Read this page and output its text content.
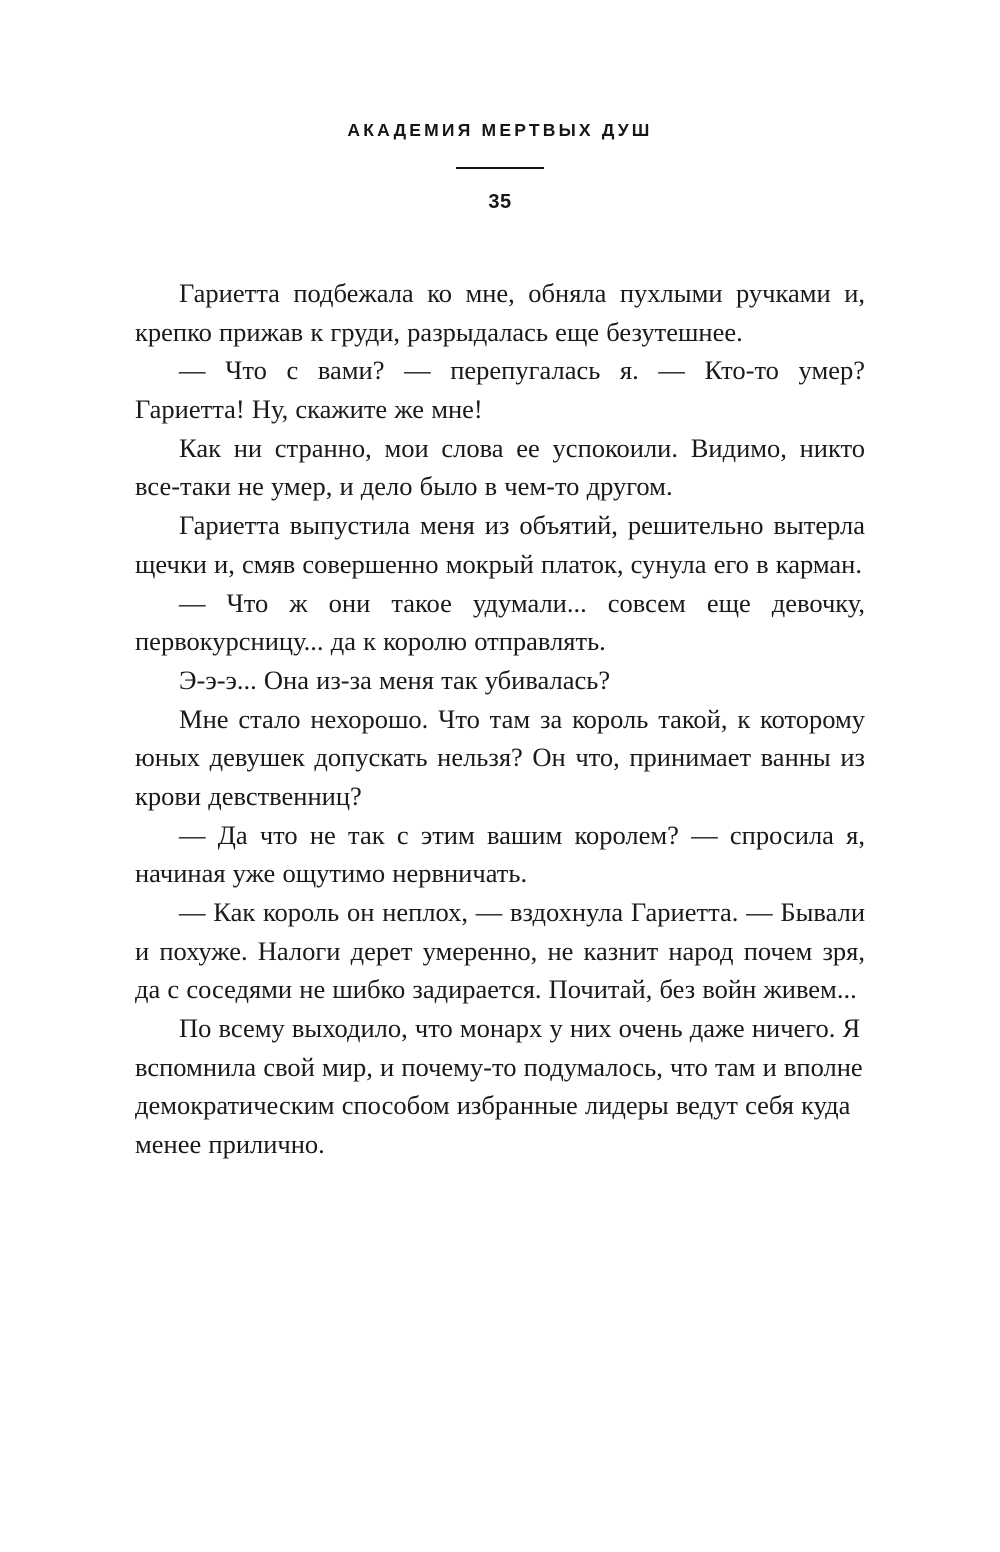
АКАДЕМИЯ МЕРТВЫХ ДУШ
35

Гариетта подбежала ко мне, обняла пухлыми ручками и, крепко прижав к груди, разрыдалась еще безутешнее.

— Что с вами? — перепугалась я. — Кто-то умер? Гариетта! Ну, скажите же мне!

Как ни странно, мои слова ее успокоили. Видимо, никто все-таки не умер, и дело было в чем-то другом.

Гариетта выпустила меня из объятий, решительно вытерла щечки и, смяв совершенно мокрый платок, сунула его в карман.

— Что ж они такое удумали... совсем еще девочку, первокурсницу... да к королю отправлять.

Э-э-э... Она из-за меня так убивалась?

Мне стало нехорошо. Что там за король такой, к которому юных девушек допускать нельзя? Он что, принимает ванны из крови девственниц?

— Да что не так с этим вашим королем? — спросила я, начиная уже ощутимо нервничать.

— Как король он неплох, — вздохнула Гариетта. — Бывали и похуже. Налоги дерет умеренно, не казнит народ почем зря, да с соседями не шибко задирается. Почитай, без войн живем...

По всему выходило, что монарх у них очень даже ничего. Я вспомнила свой мир, и почему-то подумалось, что там и вполне демократическим способом избранные лидеры ведут себя куда менее прилично.
